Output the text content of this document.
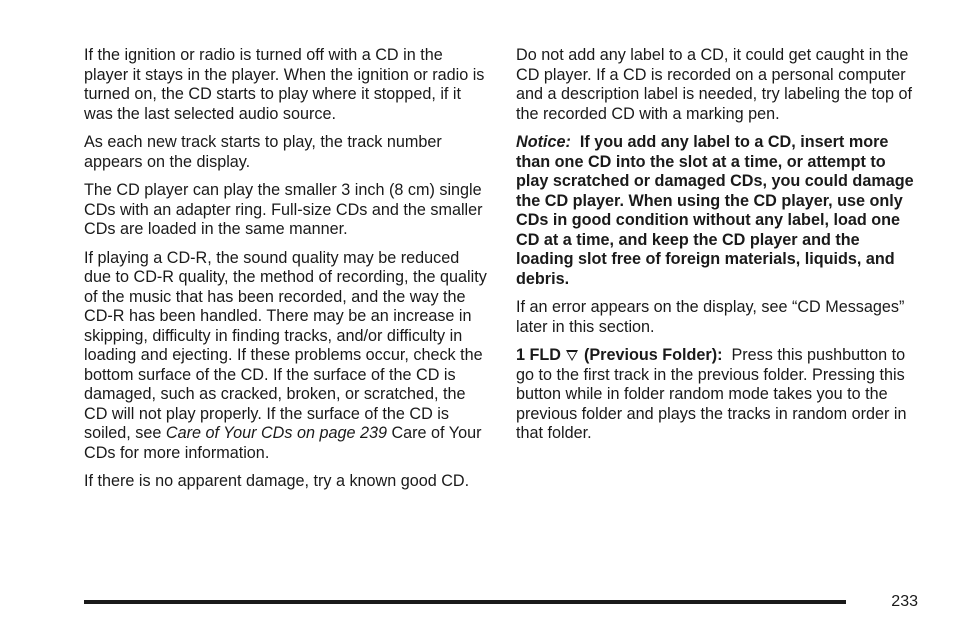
If the ignition or radio is turned off with a CD in the player it stays in the player. When the ignition or radio is turned on, the CD starts to play where it stopped, if it was the last selected audio source.

As each new track starts to play, the track number appears on the display.

The CD player can play the smaller 3 inch (8 cm) single CDs with an adapter ring. Full-size CDs and the smaller CDs are loaded in the same manner.

If playing a CD-R, the sound quality may be reduced due to CD-R quality, the method of recording, the quality of the music that has been recorded, and the way the CD-R has been handled. There may be an increase in skipping, difficulty in finding tracks, and/or difficulty in loading and ejecting. If these problems occur, check the bottom surface of the CD. If the surface of the CD is damaged, such as cracked, broken, or scratched, the CD will not play properly. If the surface of the CD is soiled, see Care of Your CDs on page 239 Care of Your CDs for more information.

If there is no apparent damage, try a known good CD.

Do not add any label to a CD, it could get caught in the CD player. If a CD is recorded on a personal computer and a description label is needed, try labeling the top of the recorded CD with a marking pen.

Notice: If you add any label to a CD, insert more than one CD into the slot at a time, or attempt to play scratched or damaged CDs, you could damage the CD player. When using the CD player, use only CDs in good condition without any label, load one CD at a time, and keep the CD player and the loading slot free of foreign materials, liquids, and debris.

If an error appears on the display, see “CD Messages” later in this section.

1 FLD (Previous Folder): Press this pushbutton to go to the first track in the previous folder. Pressing this button while in folder random mode takes you to the previous folder and plays the tracks in random order in that folder.

233
